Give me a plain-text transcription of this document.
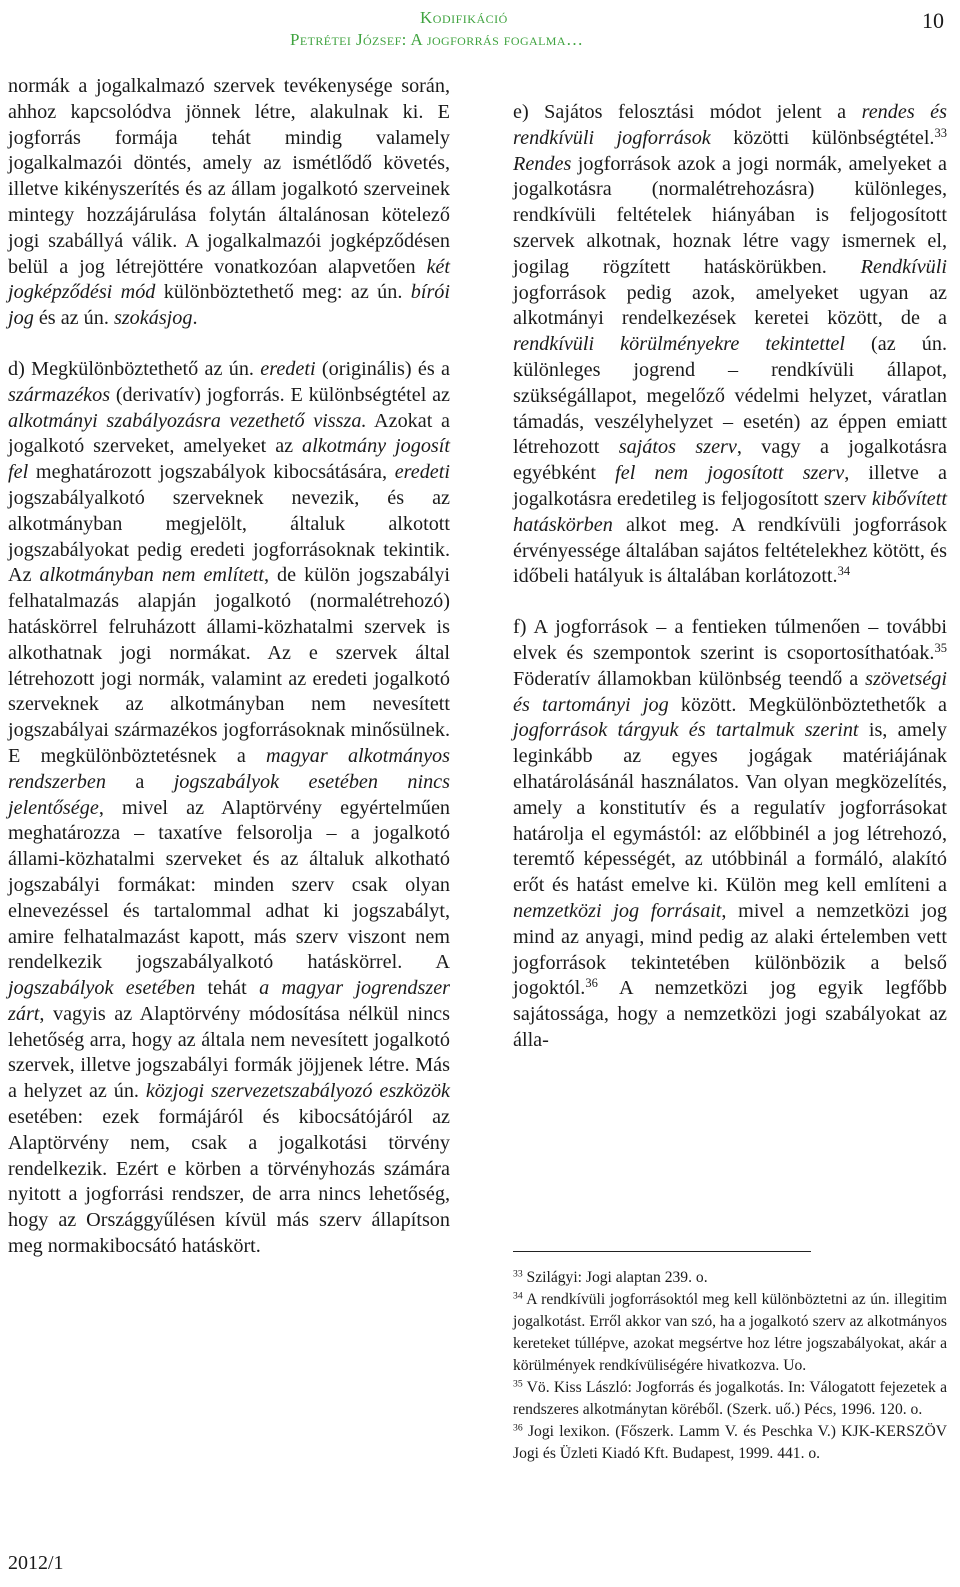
Kodifikáció
Petrétei József: A jogforrás fogalma…
10

normák a jogalkalmazó szervek tevékenysége során, ahhoz kapcsolódva jönnek létre, alakulnak ki. E jogforrás formája tehát mindig valamely jogalkalmazói döntés, amely az ismétlődő követés, illetve kikényszerítés és az állam jogalkotó szerveinek mintegy hozzájárulása folytán általánosan kötelező jogi szabállyá válik. A jogalkalmazói jogképződésen belül a jog létrejöttére vonatkozóan alapvetően két jogképződési mód különböztethető meg: az ún. bírói jog és az ún. szokásjog.

d) Megkülönböztethető az ún. eredeti (originális) és a származékos (derivatív) jogforrás. E különbségtétel az alkotmányi szabályozásra vezethető vissza. Azokat a jogalkotó szerveket, amelyeket az alkotmány jogosít fel meghatározott jogszabályok kibocsátására, eredeti jogszabályalkotó szerveknek nevezik, és az alkotmányban megjelölt, általuk alkotott jogszabályokat pedig eredeti jogforrásoknak tekintik. Az alkotmányban nem említett, de külön jogszabályi felhatalmazás alapján jogalkotó (normalétrehozó) hatáskörrel felruházott állami-közhatalmi szervek is alkothatnak jogi normákat. Az e szervek által létrehozott jogi normák, valamint az eredeti jogalkotó szerveknek az alkotmányban nem nevesített jogszabályai származékos jogforrásoknak minősülnek. E megkülönböztetésnek a magyar alkotmányos rendszerben a jogszabályok esetében nincs jelentősége, mivel az Alaptörvény egyértelműen meghatározza – taxatíve felsorolja – a jogalkotó állami-közhatalmi szerveket és az általuk alkotható jogszabályi formákat: minden szerv csak olyan elnevezéssel és tartalommal adhat ki jogszabályt, amire felhatalmazást kapott, más szerv viszont nem rendelkezik jogszabályalkotó hatáskörrel. A jogszabályok esetében tehát a magyar jogrendszer zárt, vagyis az Alaptörvény módosítása nélkül nincs lehetőség arra, hogy az általa nem nevesített jogalkotó szervek, illetve jogszabályi formák jöjjenek létre. Más a helyzet az ún. közjogi szervezetszabályozó eszközök esetében: ezek formájáról és kibocsátójáról az Alaptörvény nem, csak a jogalkotási törvény rendelkezik. Ezért e körben a törvényhozás számára nyitott a jogforrási rendszer, de arra nincs lehetőség, hogy az Országgyűlésen kívül más szerv állapítson meg normakibocsátó hatáskört.

e) Sajátos felosztási módot jelent a rendes és rendkívüli jogforrások közötti különbségtétel.$^{33}$ Rendes jogforrások azok a jogi normák, amelyeket a jogalkotásra (normalétrehozásra) különleges, rendkívüli feltételek hiányában is feljogosított szervek alkotnak, hoznak létre vagy ismernek el, jogilag rögzített hatáskörükben. Rendkívüli jogforrások pedig azok, amelyeket ugyan az alkotmányi rendelkezések keretei között, de a rendkívüli körülményekre tekintettel (az ún. különleges jogrend – rendkívüli állapot, szükségállapot, megelőző védelmi helyzet, váratlan támadás, veszélyhelyzet – esetén) az éppen emiatt létrehozott sajátos szerv, vagy a jogalkotásra egyébként fel nem jogosított szerv, illetve a jogalkotásra eredetileg is feljogosított szerv kibővített hatáskörben alkot meg. A rendkívüli jogforrások érvényessége általában sajátos feltételekhez kötött, és időbeli hatályuk is általában korlátozott.$^{34}$

f) A jogforrások – a fentieken túlmenően – további elvek és szempontok szerint is csoportosíthatóak.$^{35}$ Föderatív államokban különbség teendő a szövetségi és tartományi jog között. Megkülönböztethetők a jogforrások tárgyuk és tartalmuk szerint is, amely leginkább az egyes jogágak matériájának elhatárolásánál használatos. Van olyan megközelítés, amely a konstitutív és a regulatív jogforrásokat határolja el egymástól: az előbbinél a jog létrehozó, teremtő képességét, az utóbbinál a formáló, alakító erőt és hatást emelve ki. Külön meg kell említeni a nemzetközi jog forrásait, mivel a nemzetközi jog mind az anyagi, mind pedig az alaki értelemben vett jogforrások tekintetében különbözik a belső jogoktól.$^{36}$ A nemzetközi jog egyik legfőbb sajátossága, hogy a nemzetközi jogi szabályokat az álla-

$^{33}$ Szilágyi: Jogi alaptan 239. o.

$^{34}$ A rendkívüli jogforrásoktól meg kell különböztetni az ún. illegitim jogalkotást. Erről akkor van szó, ha a jogalkotó szerv az alkotmányos kereteket túllépve, azokat megsértve hoz létre jogszabályokat, akár a körülmények rendkívüliségére hivatkozva. Uo.

$^{35}$ Vö. Kiss László: Jogforrás és jogalkotás. In: Válogatott fejezetek a rendszeres alkotmánytan köréből. (Szerk. uő.) Pécs, 1996. 120. o.

$^{36}$ Jogi lexikon. (Főszerk. Lamm V. és Peschka V.) KJK-KERSZÖV Jogi és Üzleti Kiadó Kft. Budapest, 1999. 441. o.

2012/1
